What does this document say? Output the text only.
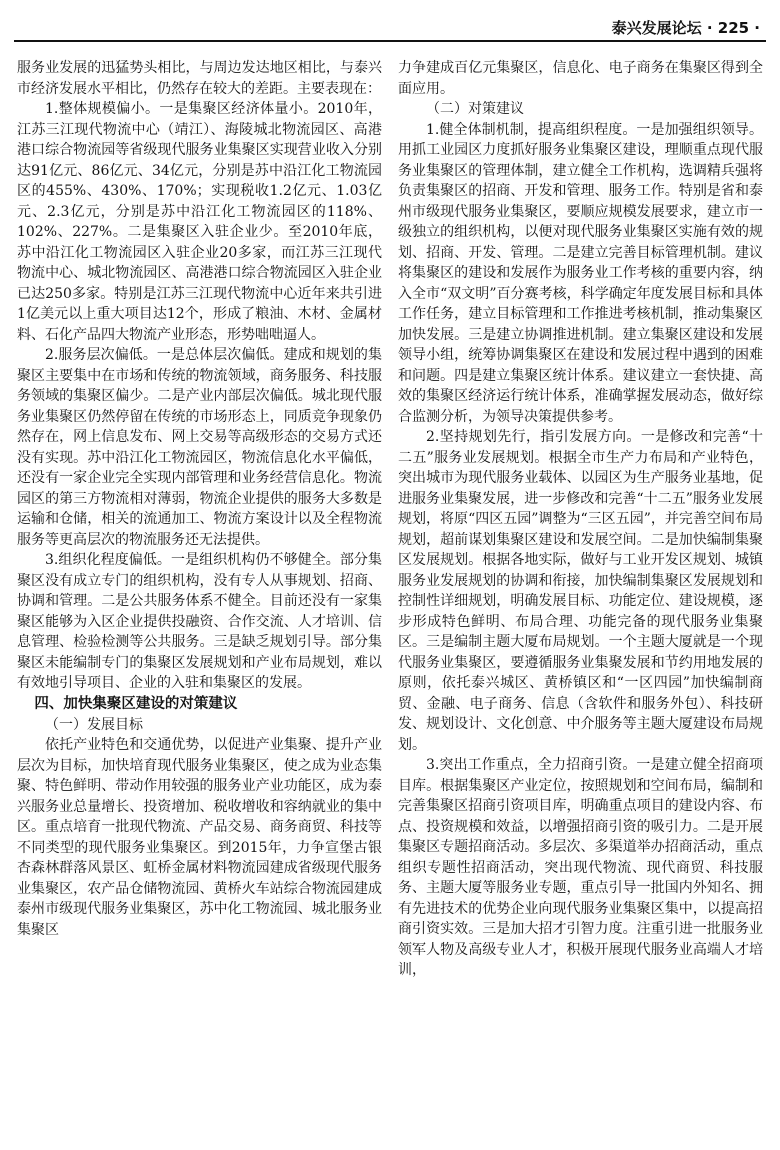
泰兴发展论坛 · 225 ·

服务业发展的迅猛势头相比，与周边发达地区相比，与泰兴市经济发展水平相比，仍然存在较大的差距。主要表现在：

1.整体规模偏小。一是集聚区经济体量小。2010年，江苏三江现代物流中心（靖江）、海陵城北物流园区、高港港口综合物流园等省级现代服务业集聚区实现营业收入分别达91亿元、86亿元、34亿元，分别是苏中沿江化工物流园区的455%、430%、170%；实现税收1.2亿元、1.03亿元、2.3亿元，分别是苏中沿江化工物流园区的118%、102%、227%。二是集聚区入驻企业少。至2010年底，苏中沿江化工物流园区入驻企业20多家，而江苏三江现代物流中心、城北物流园区、高港港口综合物流园区入驻企业已达250多家。特别是江苏三江现代物流中心近年来共引进1亿美元以上重大项目达12个，形成了粮油、木材、金属材料、石化产品四大物流产业形态，形势咄咄逼人。

2.服务层次偏低。一是总体层次偏低。建成和规划的集聚区主要集中在市场和传统的物流领域，商务服务、科技服务领域的集聚区偏少。二是产业内部层次偏低。城北现代服务业集聚区仍然停留在传统的市场形态上，同质竞争现象仍然存在，网上信息发布、网上交易等高级形态的交易方式还没有实现。苏中沿江化工物流园区，物流信息化水平偏低，还没有一家企业完全实现内部管理和业务经营信息化。物流园区的第三方物流相对薄弱，物流企业提供的服务大多数是运输和仓储，相关的流通加工、物流方案设计以及全程物流服务等更高层次的物流服务还无法提供。

3.组织化程度偏低。一是组织机构仍不够健全。部分集聚区没有成立专门的组织机构，没有专人从事规划、招商、协调和管理。二是公共服务体系不健全。目前还没有一家集聚区能够为入区企业提供投融资、合作交流、人才培训、信息管理、检验检测等公共服务。三是缺乏规划引导。部分集聚区未能编制专门的集聚区发展规划和产业布局规划，难以有效地引导项目、企业的入驻和集聚区的发展。

四、加快集聚区建设的对策建议
（一）发展目标

依托产业特色和交通优势，以促进产业集聚、提升产业层次为目标，加快培育现代服务业集聚区，使之成为业态集聚、特色鲜明、带动作用较强的服务业产业功能区，成为泰兴服务业总量增长、投资增加、税收增收和容纳就业的集中区。重点培育一批现代物流、产品交易、商务商贸、科技等不同类型的现代服务业集聚区。到2015年，力争宣堡古银杏森林群落风景区、虹桥金属材料物流园建成省级现代服务业集聚区，农产品仓储物流园、黄桥火车站综合物流园建成泰州市级现代服务业集聚区，苏中化工物流园、城北服务业集聚区

力争建成百亿元集聚区，信息化、电子商务在集聚区得到全面应用。

（二）对策建议

1.健全体制机制，提高组织程度。一是加强组织领导。用抓工业园区力度抓好服务业集聚区建设，理顺重点现代服务业集聚区的管理体制，建立健全工作机构，选调精兵强将负责集聚区的招商、开发和管理、服务工作。特别是省和泰州市级现代服务业集聚区，要顺应规模发展要求，建立市一级独立的组织机构，以便对现代服务业集聚区实施有效的规划、招商、开发、管理。二是建立完善目标管理机制。建议将集聚区的建设和发展作为服务业工作考核的重要内容，纳入全市“双文明”百分赛考核，科学确定年度发展目标和具体工作任务，建立目标管理和工作推进考核机制，推动集聚区加快发展。三是建立协调推进机制。建立集聚区建设和发展领导小组，统筹协调集聚区在建设和发展过程中遇到的困难和问题。四是建立集聚区统计体系。建议建立一套快捷、高效的集聚区经济运行统计体系，准确掌握发展动态，做好综合监测分析，为领导决策提供参考。

2.坚持规划先行，指引发展方向。一是修改和完善“十二五”服务业发展规划。根据全市生产力布局和产业特色，突出城市为现代服务业载体、以园区为生产服务业基地，促进服务业集聚发展，进一步修改和完善“十二五”服务业发展规划，将原“四区五园”调整为“三区五园”，并完善空间布局规划，超前谋划集聚区建设和发展空间。二是加快编制集聚区发展规划。根据各地实际，做好与工业开发区规划、城镇服务业发展规划的协调和衔接，加快编制集聚区发展规划和控制性详细规划，明确发展目标、功能定位、建设规模，逐步形成特色鲜明、布局合理、功能完备的现代服务业集聚区。三是编制主题大厦布局规划。一个主题大厦就是一个现代服务业集聚区，要遵循服务业集聚发展和节约用地发展的原则，依托泰兴城区、黄桥镇区和“一区四园”加快编制商贸、金融、电子商务、信息（含软件和服务外包）、科技研发、规划设计、文化创意、中介服务等主题大厦建设布局规划。

3.突出工作重点，全力招商引资。一是建立健全招商项目库。根据集聚区产业定位，按照规划和空间布局，编制和完善集聚区招商引资项目库，明确重点项目的建设内容、布点、投资规模和效益，以增强招商引资的吸引力。二是开展集聚区专题招商活动。多层次、多渠道举办招商活动，重点组织专题性招商活动，突出现代物流、现代商贸、科技服务、主题大厦等服务业专题，重点引导一批国内外知名、拥有先进技术的优势企业向现代服务业集聚区集中，以提高招商引资实效。三是加大招才引智力度。注重引进一批服务业领军人物及高级专业人才，积极开展现代服务业高端人才培训，
